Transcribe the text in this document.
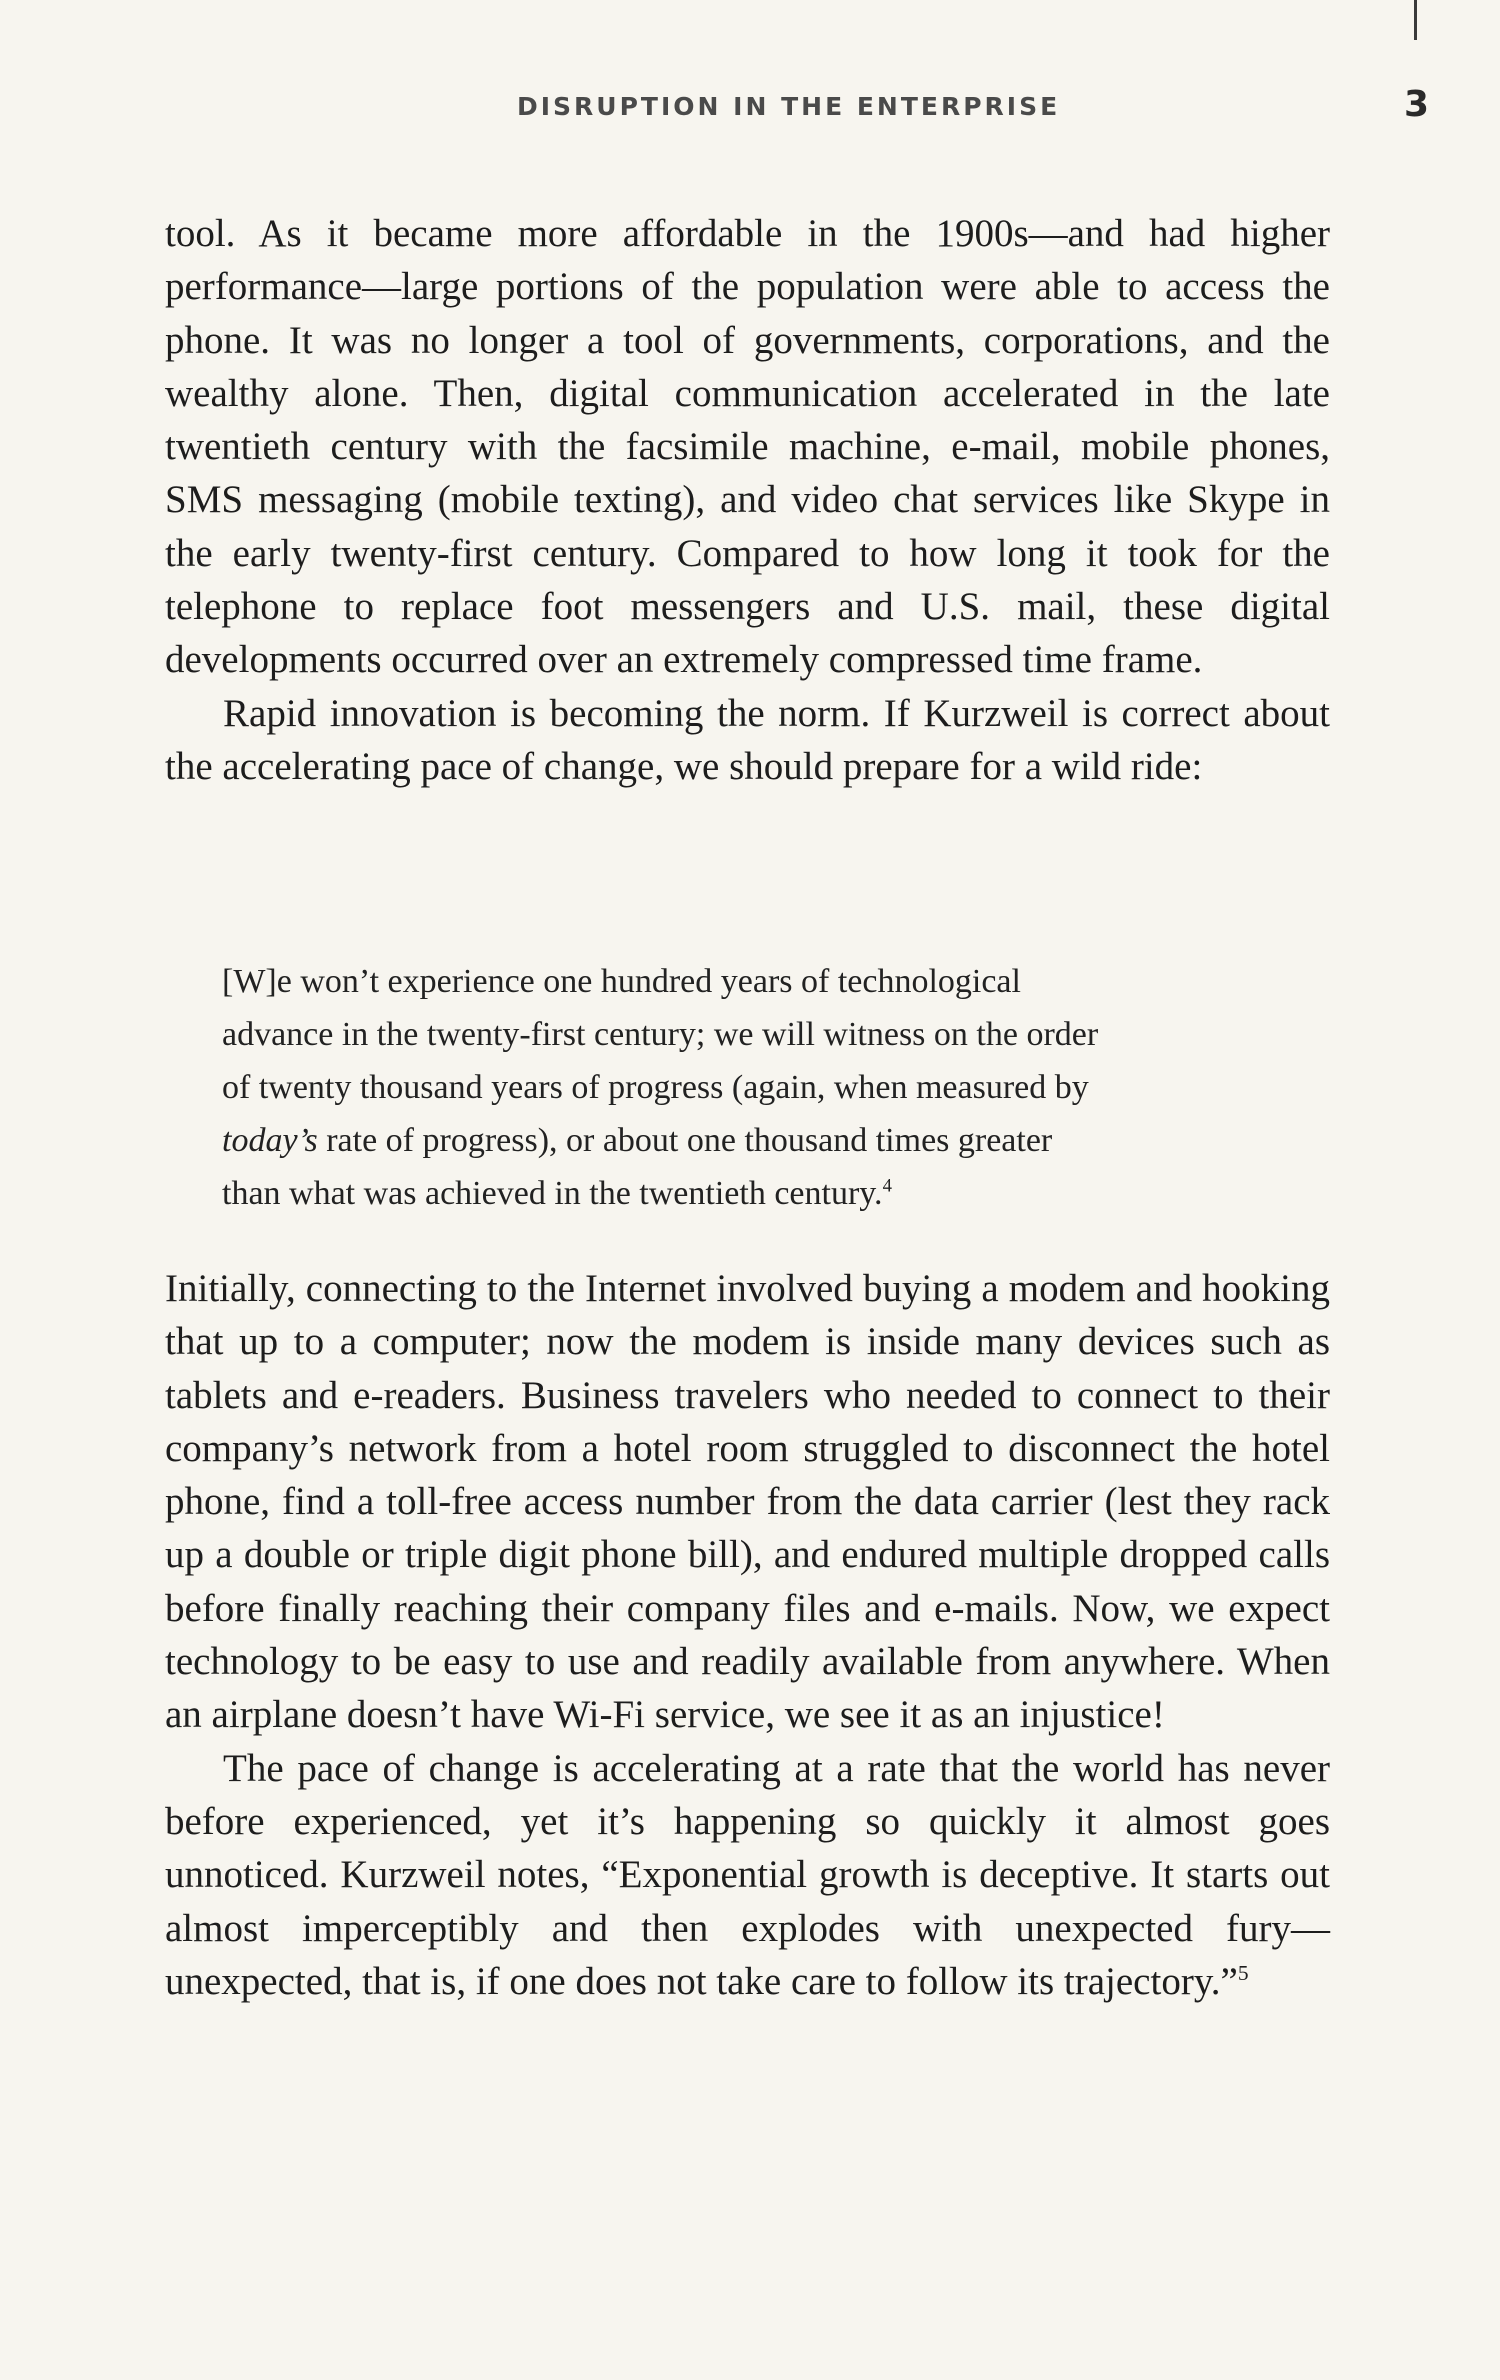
DISRUPTION IN THE ENTERPRISE	3

tool. As it became more affordable in the 1900s—and had higher performance—large portions of the population were able to access the phone. It was no longer a tool of governments, corporations, and the wealthy alone. Then, digital communication accelerated in the late twentieth century with the facsimile machine, e-mail, mobile phones, SMS messaging (mobile texting), and video chat services like Skype in the early twenty-first century. Compared to how long it took for the telephone to replace foot messengers and U.S. mail, these digital developments occurred over an extremely compressed time frame.

Rapid innovation is becoming the norm. If Kurzweil is correct about the accelerating pace of change, we should prepare for a wild ride:

[W]e won’t experience one hundred years of technological
advance in the twenty-first century; we will witness on the order
of twenty thousand years of progress (again, when measured by
today’s rate of progress), or about one thousand times greater
than what was achieved in the twentieth century.$^4$

Initially, connecting to the Internet involved buying a modem and hooking that up to a computer; now the modem is inside many devices such as tablets and e-readers. Business travelers who needed to connect to their company’s network from a hotel room struggled to disconnect the hotel phone, find a toll-free access number from the data carrier (lest they rack up a double or triple digit phone bill), and endured multiple dropped calls before finally reaching their company files and e-mails. Now, we expect technology to be easy to use and readily available from anywhere. When an airplane doesn’t have Wi-Fi service, we see it as an injustice!

The pace of change is accelerating at a rate that the world has never before experienced, yet it’s happening so quickly it almost goes unnoticed. Kurzweil notes, “Exponential growth is deceptive. It starts out almost imperceptibly and then explodes with unexpected fury—unexpected, that is, if one does not take care to follow its trajectory.”$^5$
